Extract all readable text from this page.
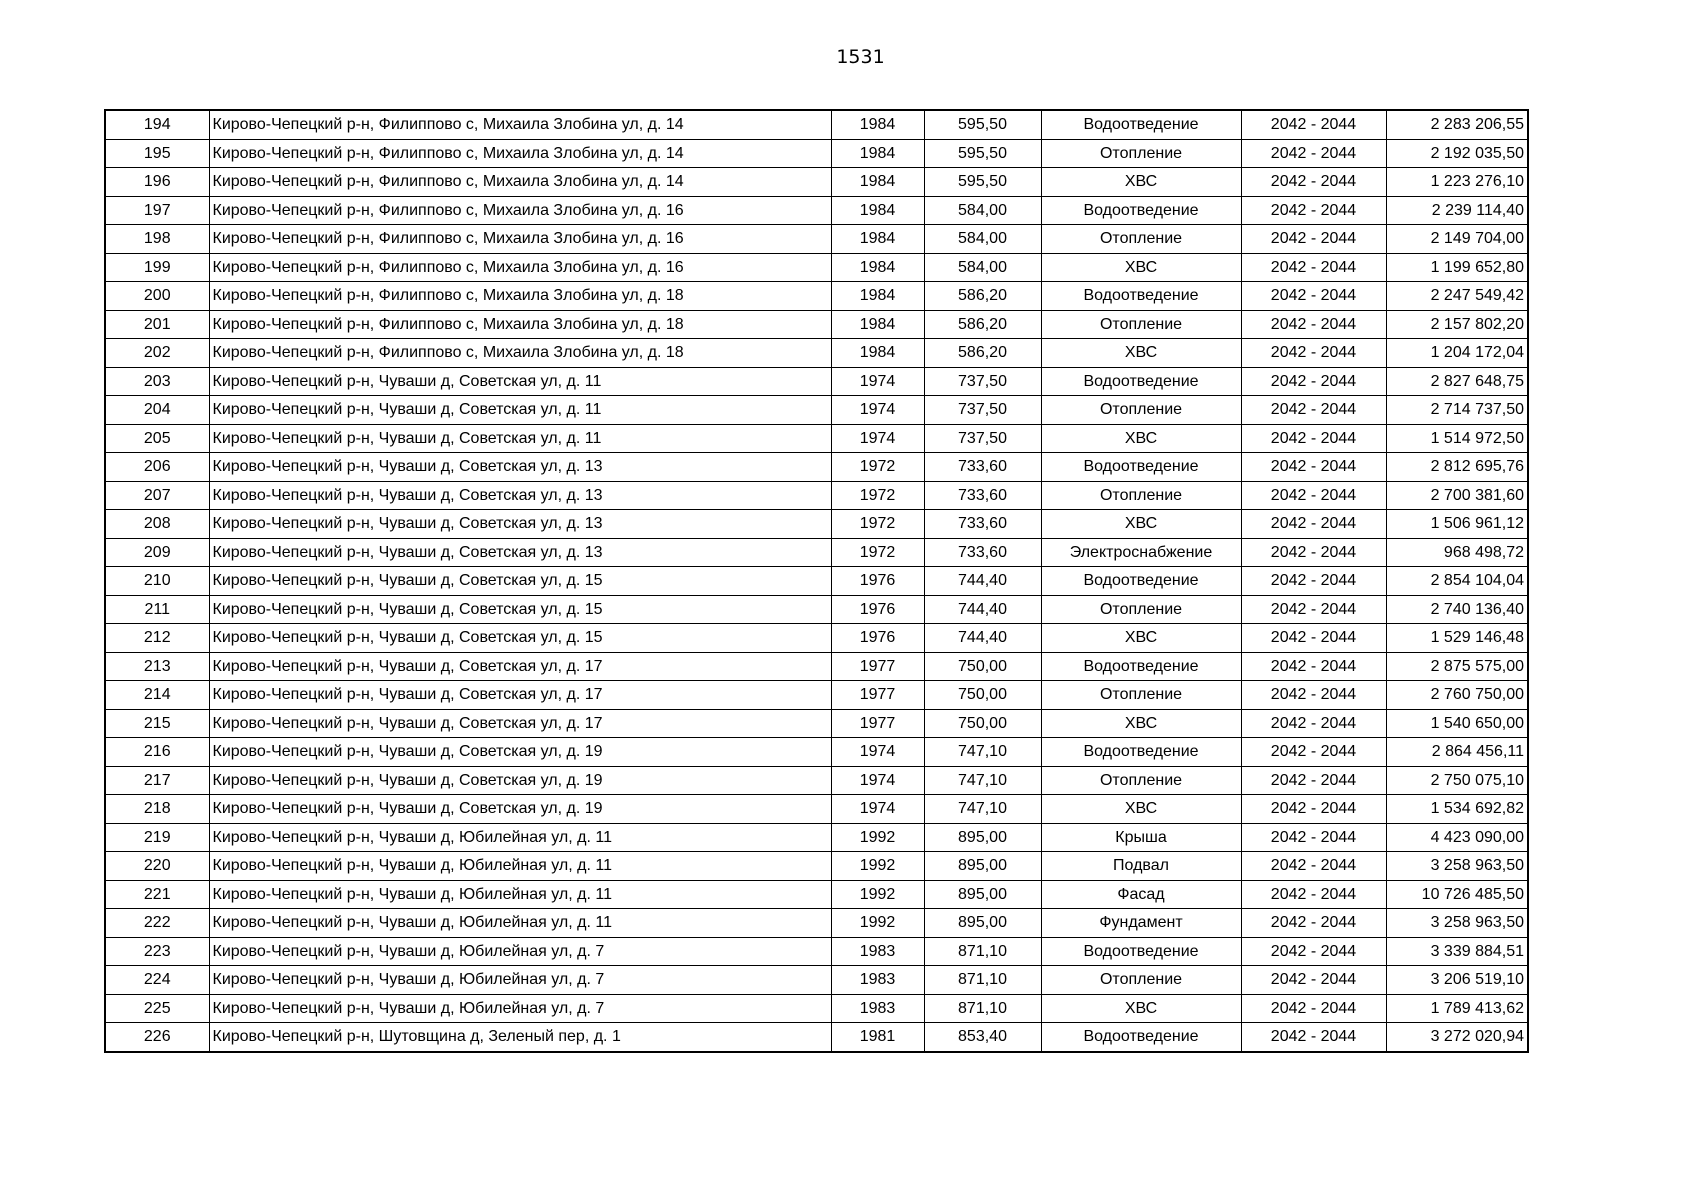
1531
194	Кирово-Чепецкий р-н, Филиппово с, Михаила Злобина ул, д. 14	1984	595,50	Водоотведение	2042 - 2044	2 283 206,55
195	Кирово-Чепецкий р-н, Филиппово с, Михаила Злобина ул, д. 14	1984	595,50	Отопление	2042 - 2044	2 192 035,50
196	Кирово-Чепецкий р-н, Филиппово с, Михаила Злобина ул, д. 14	1984	595,50	ХВС	2042 - 2044	1 223 276,10
197	Кирово-Чепецкий р-н, Филиппово с, Михаила Злобина ул, д. 16	1984	584,00	Водоотведение	2042 - 2044	2 239 114,40
198	Кирово-Чепецкий р-н, Филиппово с, Михаила Злобина ул, д. 16	1984	584,00	Отопление	2042 - 2044	2 149 704,00
199	Кирово-Чепецкий р-н, Филиппово с, Михаила Злобина ул, д. 16	1984	584,00	ХВС	2042 - 2044	1 199 652,80
200	Кирово-Чепецкий р-н, Филиппово с, Михаила Злобина ул, д. 18	1984	586,20	Водоотведение	2042 - 2044	2 247 549,42
201	Кирово-Чепецкий р-н, Филиппово с, Михаила Злобина ул, д. 18	1984	586,20	Отопление	2042 - 2044	2 157 802,20
202	Кирово-Чепецкий р-н, Филиппово с, Михаила Злобина ул, д. 18	1984	586,20	ХВС	2042 - 2044	1 204 172,04
203	Кирово-Чепецкий р-н, Чуваши д, Советская ул, д. 11	1974	737,50	Водоотведение	2042 - 2044	2 827 648,75
204	Кирово-Чепецкий р-н, Чуваши д, Советская ул, д. 11	1974	737,50	Отопление	2042 - 2044	2 714 737,50
205	Кирово-Чепецкий р-н, Чуваши д, Советская ул, д. 11	1974	737,50	ХВС	2042 - 2044	1 514 972,50
206	Кирово-Чепецкий р-н, Чуваши д, Советская ул, д. 13	1972	733,60	Водоотведение	2042 - 2044	2 812 695,76
207	Кирово-Чепецкий р-н, Чуваши д, Советская ул, д. 13	1972	733,60	Отопление	2042 - 2044	2 700 381,60
208	Кирово-Чепецкий р-н, Чуваши д, Советская ул, д. 13	1972	733,60	ХВС	2042 - 2044	1 506 961,12
209	Кирово-Чепецкий р-н, Чуваши д, Советская ул, д. 13	1972	733,60	Электроснабжение	2042 - 2044	968 498,72
210	Кирово-Чепецкий р-н, Чуваши д, Советская ул, д. 15	1976	744,40	Водоотведение	2042 - 2044	2 854 104,04
211	Кирово-Чепецкий р-н, Чуваши д, Советская ул, д. 15	1976	744,40	Отопление	2042 - 2044	2 740 136,40
212	Кирово-Чепецкий р-н, Чуваши д, Советская ул, д. 15	1976	744,40	ХВС	2042 - 2044	1 529 146,48
213	Кирово-Чепецкий р-н, Чуваши д, Советская ул, д. 17	1977	750,00	Водоотведение	2042 - 2044	2 875 575,00
214	Кирово-Чепецкий р-н, Чуваши д, Советская ул, д. 17	1977	750,00	Отопление	2042 - 2044	2 760 750,00
215	Кирово-Чепецкий р-н, Чуваши д, Советская ул, д. 17	1977	750,00	ХВС	2042 - 2044	1 540 650,00
216	Кирово-Чепецкий р-н, Чуваши д, Советская ул, д. 19	1974	747,10	Водоотведение	2042 - 2044	2 864 456,11
217	Кирово-Чепецкий р-н, Чуваши д, Советская ул, д. 19	1974	747,10	Отопление	2042 - 2044	2 750 075,10
218	Кирово-Чепецкий р-н, Чуваши д, Советская ул, д. 19	1974	747,10	ХВС	2042 - 2044	1 534 692,82
219	Кирово-Чепецкий р-н, Чуваши д, Юбилейная ул, д. 11	1992	895,00	Крыша	2042 - 2044	4 423 090,00
220	Кирово-Чепецкий р-н, Чуваши д, Юбилейная ул, д. 11	1992	895,00	Подвал	2042 - 2044	3 258 963,50
221	Кирово-Чепецкий р-н, Чуваши д, Юбилейная ул, д. 11	1992	895,00	Фасад	2042 - 2044	10 726 485,50
222	Кирово-Чепецкий р-н, Чуваши д, Юбилейная ул, д. 11	1992	895,00	Фундамент	2042 - 2044	3 258 963,50
223	Кирово-Чепецкий р-н, Чуваши д, Юбилейная ул, д. 7	1983	871,10	Водоотведение	2042 - 2044	3 339 884,51
224	Кирово-Чепецкий р-н, Чуваши д, Юбилейная ул, д. 7	1983	871,10	Отопление	2042 - 2044	3 206 519,10
225	Кирово-Чепецкий р-н, Чуваши д, Юбилейная ул, д. 7	1983	871,10	ХВС	2042 - 2044	1 789 413,62
226	Кирово-Чепецкий р-н, Шутовщина д, Зеленый пер, д. 1	1981	853,40	Водоотведение	2042 - 2044	3 272 020,94
